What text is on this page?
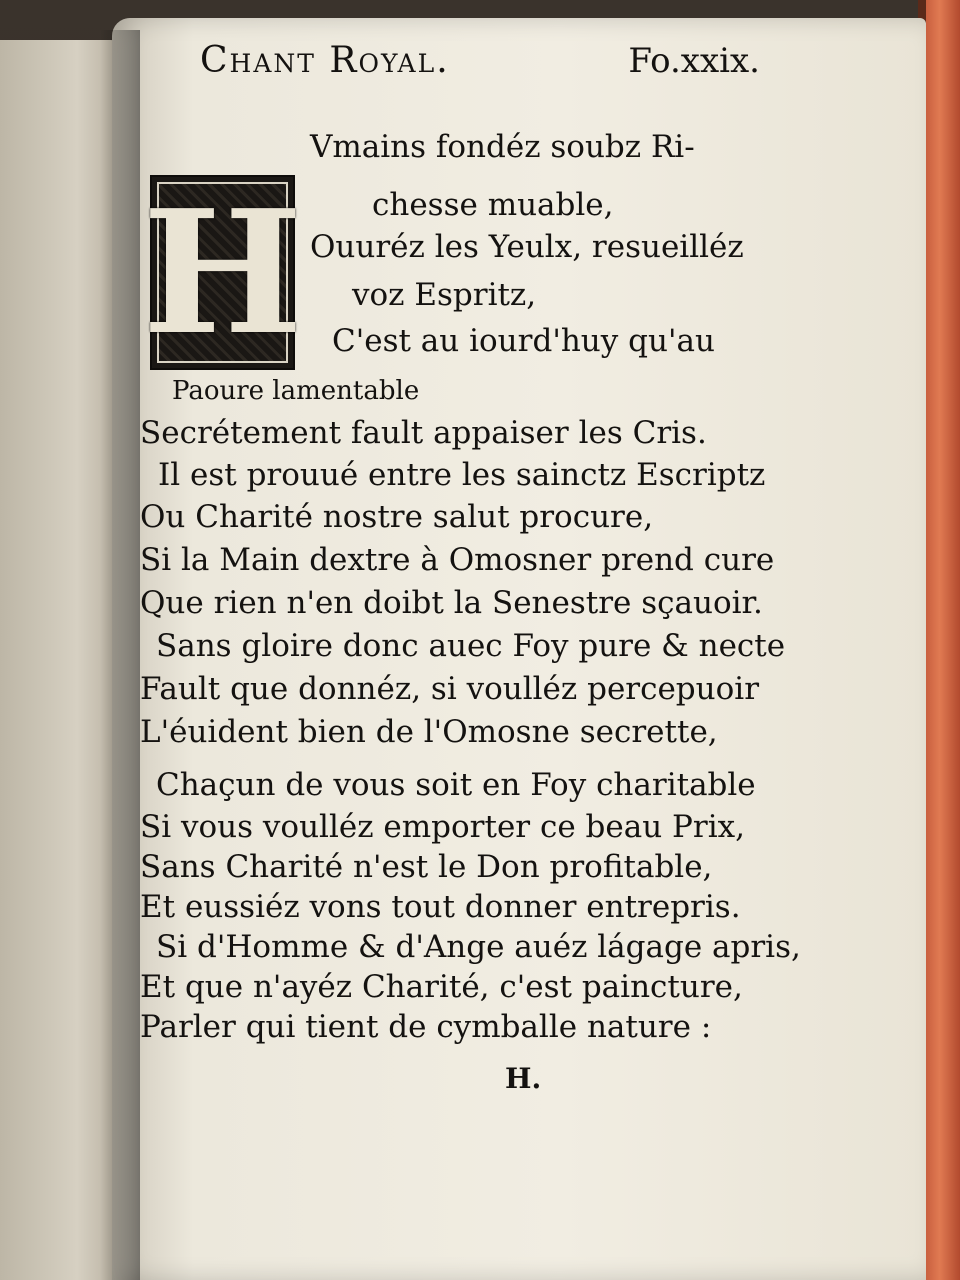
Chant Royal.	Fo.xxix.
H
Vmains fondéz soubz Ri-
chesse muable,
Ouuréz les Yeulx, resueilléz
voz Espritz,
C'est au iourd'huy qu'au
Paoure lamentable
Secrétement fault appaiser les Cris.
Il est prouué entre les sainctz Escriptz
Ou Charité nostre salut procure,
Si la Main dextre à Omosner prend cure
Que rien n'en doibt la Senestre sçauoir.
Sans gloire donc auec Foy pure & necte
Fault que donnéz, si voulléz percepuoir
L'éuident bien de l'Omosne secrette,
Chaçun de vous soit en Foy charitable
Si vous voulléz emporter ce beau Prix,
Sans Charité n'est le Don profitable,
Et eussiéz vons tout donner entrepris.
Si d'Homme & d'Ange auéz lágage apris,
Et que n'ayéz Charité, c'est paincture,
Parler qui tient de cymballe nature :
H.
